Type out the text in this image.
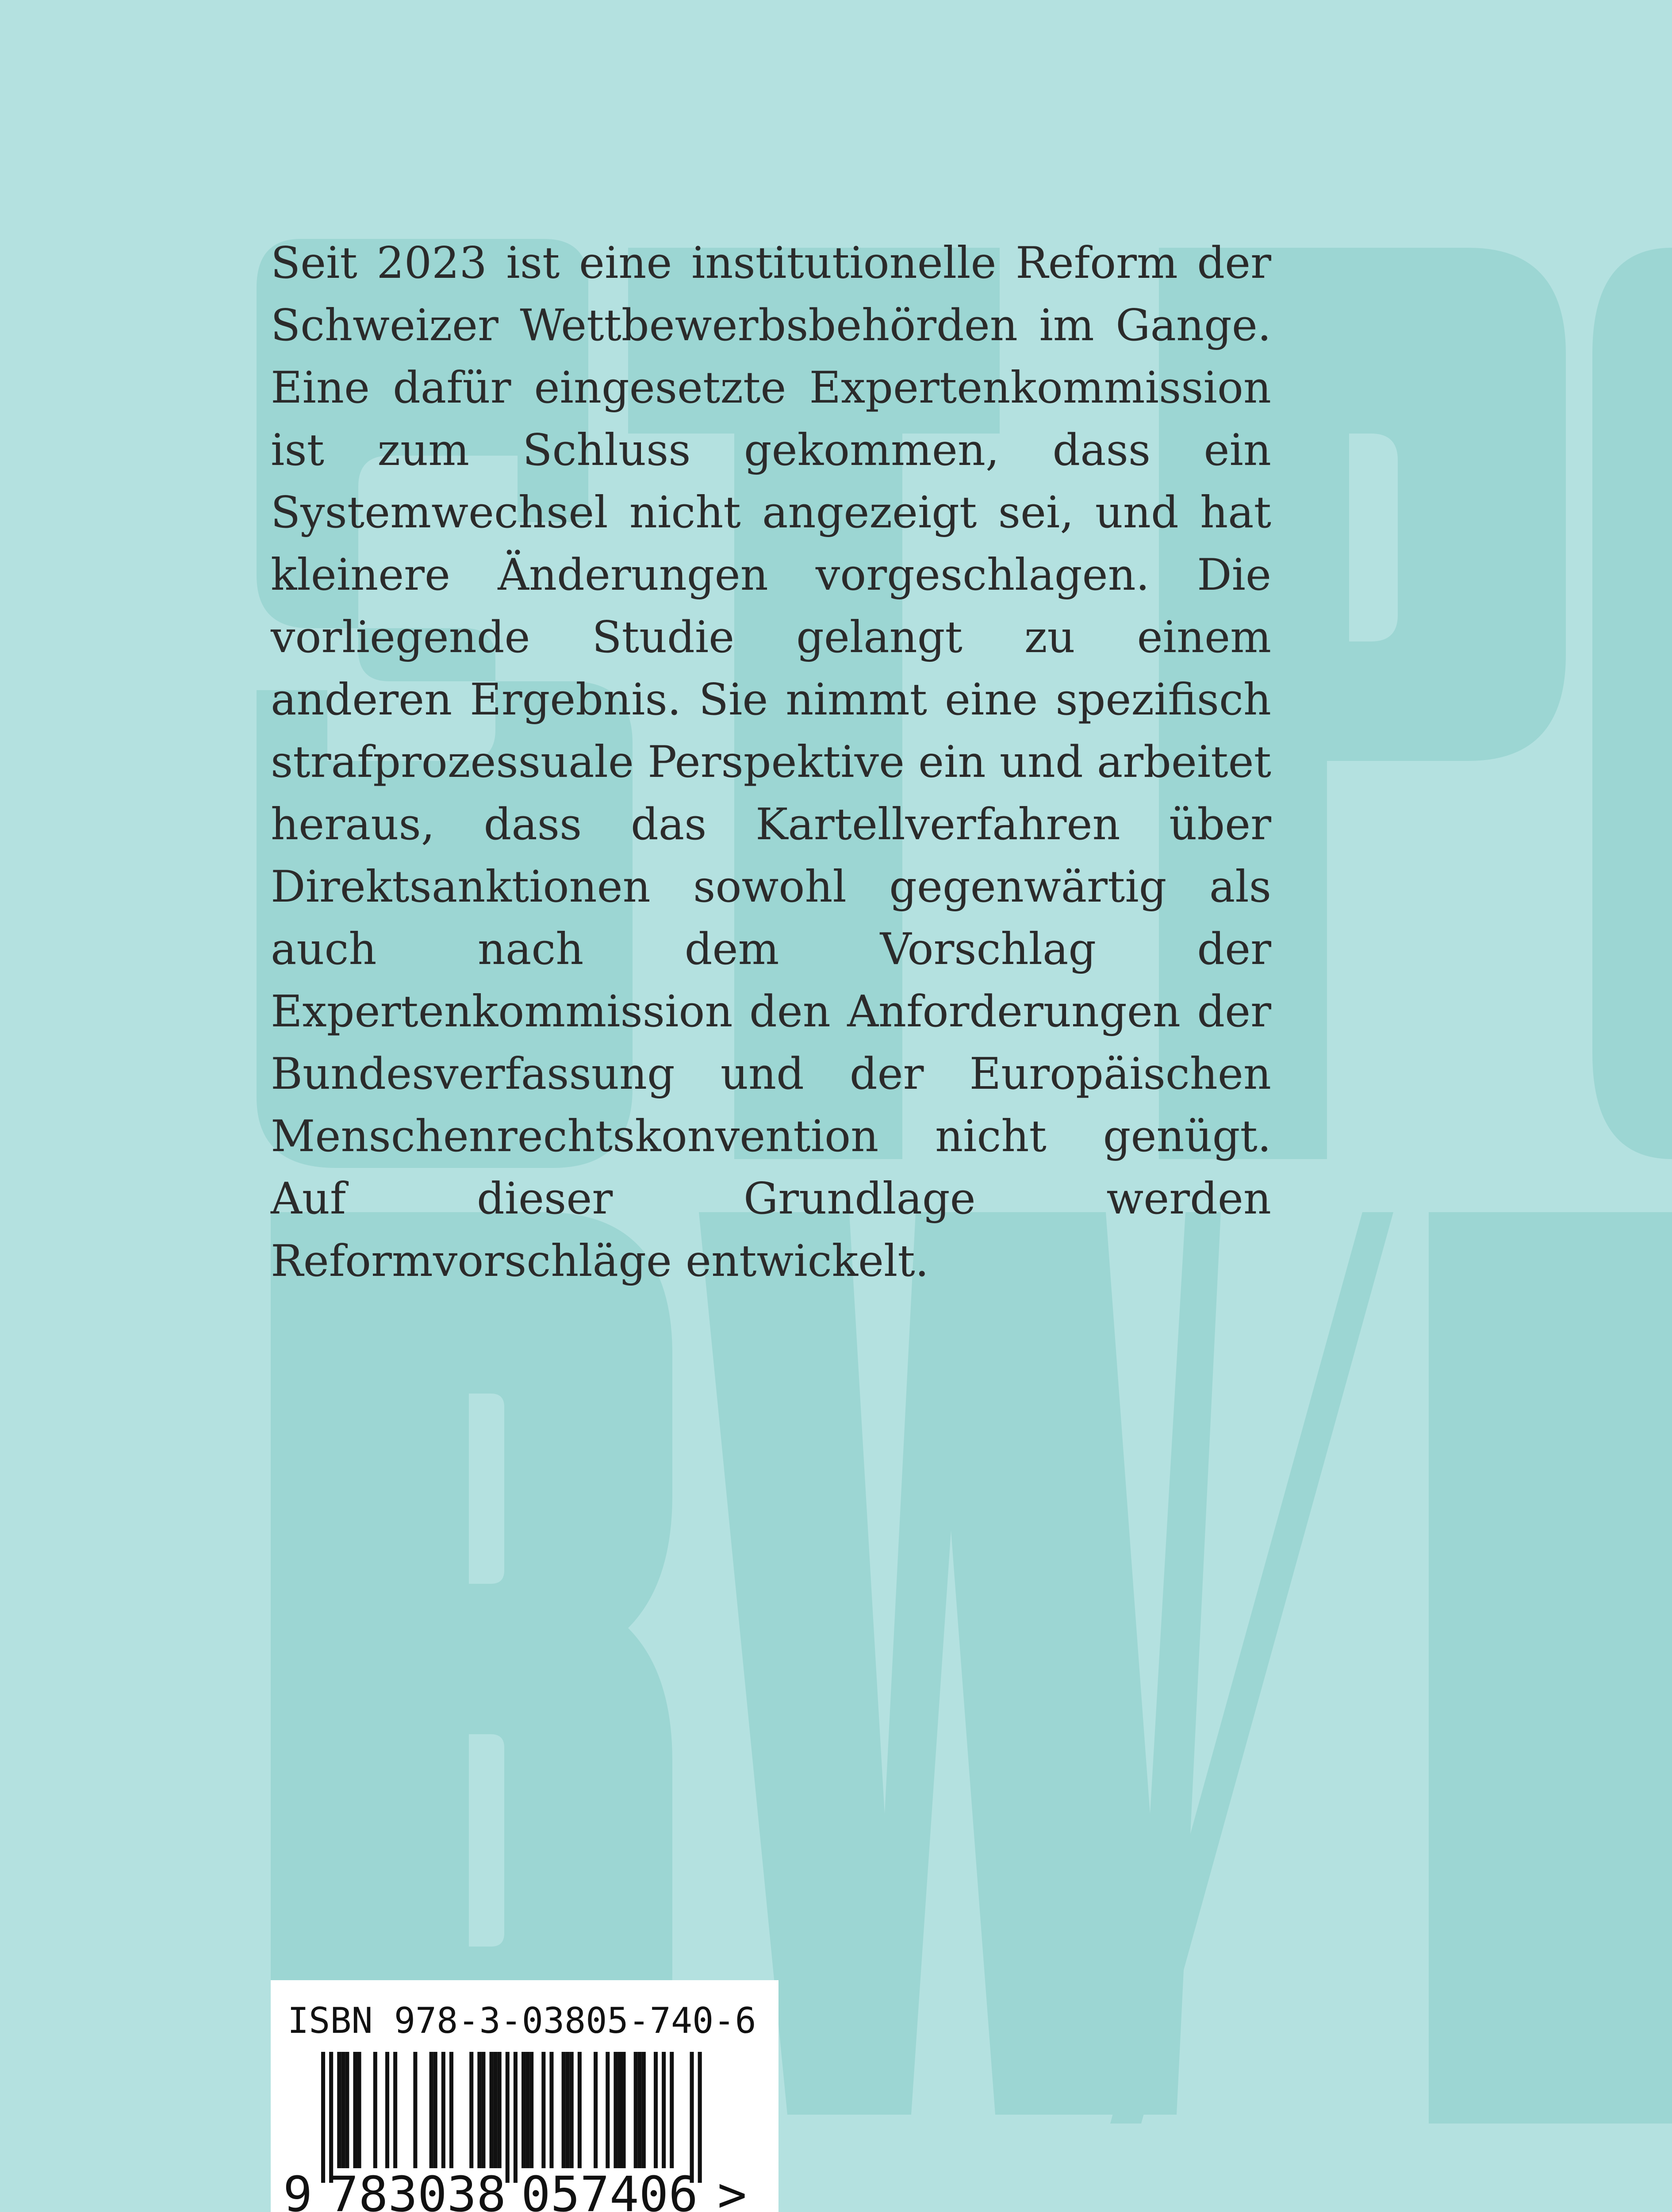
Seit 2023 ist eine institutionelle Reform der Schweizer Wettbewerbsbehörden im Gange. Eine dafür eingesetzte Expertenkommission ist zum Schluss gekommen, dass ein Systemwechsel nicht angezeigt sei, und hat kleinere Änderungen vorgeschlagen. Die vorliegende Studie gelangt zu einem anderen Ergebnis. Sie nimmt eine spezifisch strafprozessuale Perspektive ein und arbeitet heraus, dass das Kartellverfahren über Direktsanktionen sowohl gegenwärtig als auch nach dem Vorschlag der Expertenkommission den Anforderungen der Bundesverfassung und der Europäischen Menschenrechtskonvention nicht genügt. Auf dieser Grundlage werden Reformvorschläge entwickelt.

ISBN 978-3-03805-740-6
9 783038 057406 >
